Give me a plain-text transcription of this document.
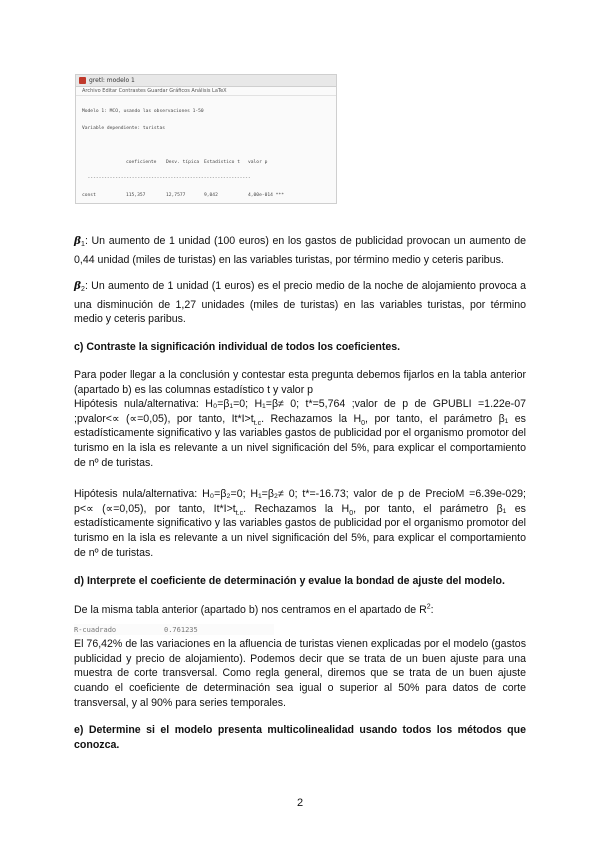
gretl: modelo 1
Archivo Editar Contrastes Guardar Gráficos Análisis LaTeX

Modelo 1: MCO, usando las observaciones 1-50

Variable dependiente: turistas

coeficiente	Desv. típica	Estadístico t	valor p

-----------------------------------------------------------

const	115,357	12,7577	9,042	4,00e-014 ***

β1: Un aumento de 1 unidad (100 euros) en los gastos de publicidad provocan un aumento de 0,44 unidad (miles de turistas) en las variables turistas, por término medio y ceteris paribus.

β2: Un aumento de 1 unidad (1 euros) es el precio medio de la noche de alojamiento provoca a una disminución de 1,27 unidades (miles de turistas) en las variables turistas, por término medio y ceteris paribus.

c) Contraste la significación individual de todos los coeficientes.

Para poder llegar a la conclusión y contestar esta pregunta debemos fijarlos en la tabla anterior (apartado b) es las columnas estadístico t y valor p

Hipótesis nula/alternativa: H₀=β₁=0; H₁=β≠ 0; t*=5,764 ;valor de p de GPUBLI =1.22e-07 ;pvalor<∝ (∝=0,05), por tanto, $It*I>t_{t.c}$. Rechazamos la $H_0$, por tanto, el parámetro β₁ es estadísticamente significativo y las variables gastos de publicidad por el organismo promotor del turismo en la isla es relevante a un nivel significación del 5%, para explicar el comportamiento de nº de turistas.

Hipótesis nula/alternativa: H₀=β₂=0; H₁=β₂≠ 0; t*=-16.73; valor de p de PrecioM =6.39e-029; p<∝ (∝=0,05), por tanto, $It*I>t_{t.c}$. Rechazamos la $H_0$, por tanto, el parámetro β₁ es estadísticamente significativo y las variables gastos de publicidad por el organismo promotor del turismo en la isla es relevante a un nivel significación del 5%, para explicar el comportamiento de nº de turistas.

d) Interprete el coeficiente de determinación y evalue la bondad de ajuste del modelo.

De la misma tabla anterior (apartado b) nos centramos en el apartado de $R^2$:

R-cuadrado	0.761235

El 76,42% de las variaciones en la afluencia de turistas vienen explicadas por el modelo (gastos publicidad y precio de alojamiento). Podemos decir que se trata de un buen ajuste para una muestra de corte transversal. Como regla general, diremos que se trata de un buen ajuste cuando el coeficiente de determinación sea igual o superior al 50% para datos de corte transversal, y al 90% para series temporales.

e) Determine si el modelo presenta multicolinealidad usando todos los métodos que conozca.

2
